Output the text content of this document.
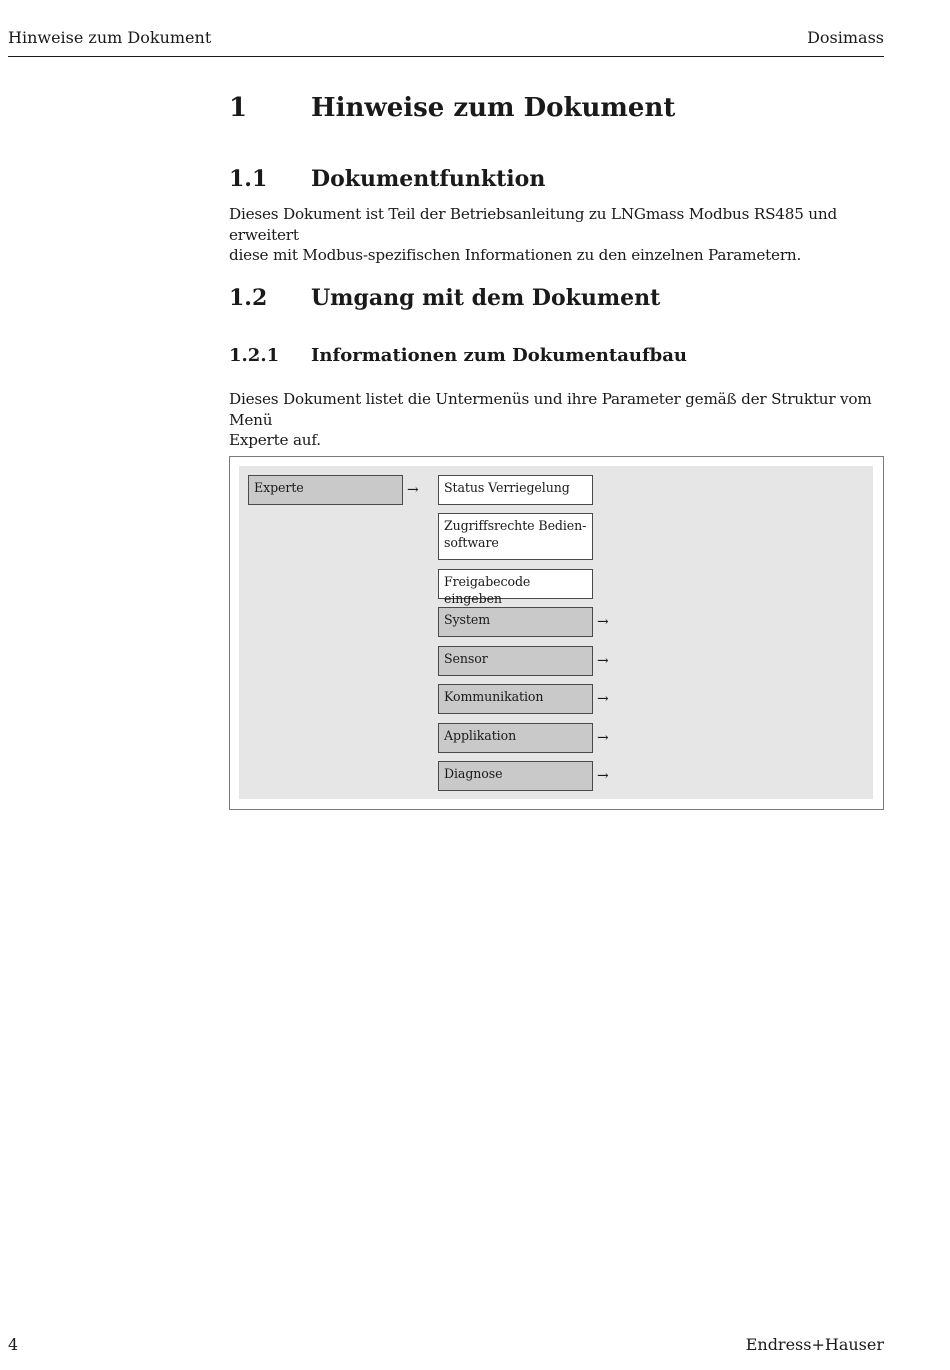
Hinweise zum Dokument	Dosimass
1 Hinweise zum Dokument
1.1 Dokumentfunktion
Dieses Dokument ist Teil der Betriebsanleitung zu LNGmass Modbus RS485 und erweitert
diese mit Modbus-spezifischen Informationen zu den einzelnen Parametern.
1.2 Umgang mit dem Dokument
1.2.1 Informationen zum Dokumentaufbau
Dieses Dokument listet die Untermenüs und ihre Parameter gemäß der Struktur vom Menü
Experte auf.
Experte	→	Status Verriegelung
Zugriffsrechte Bedien-
software
Freigabecode eingeben
System	→
Sensor	→
Kommunikation	→
Applikation	→
Diagnose	→
4	Endress+Hauser
